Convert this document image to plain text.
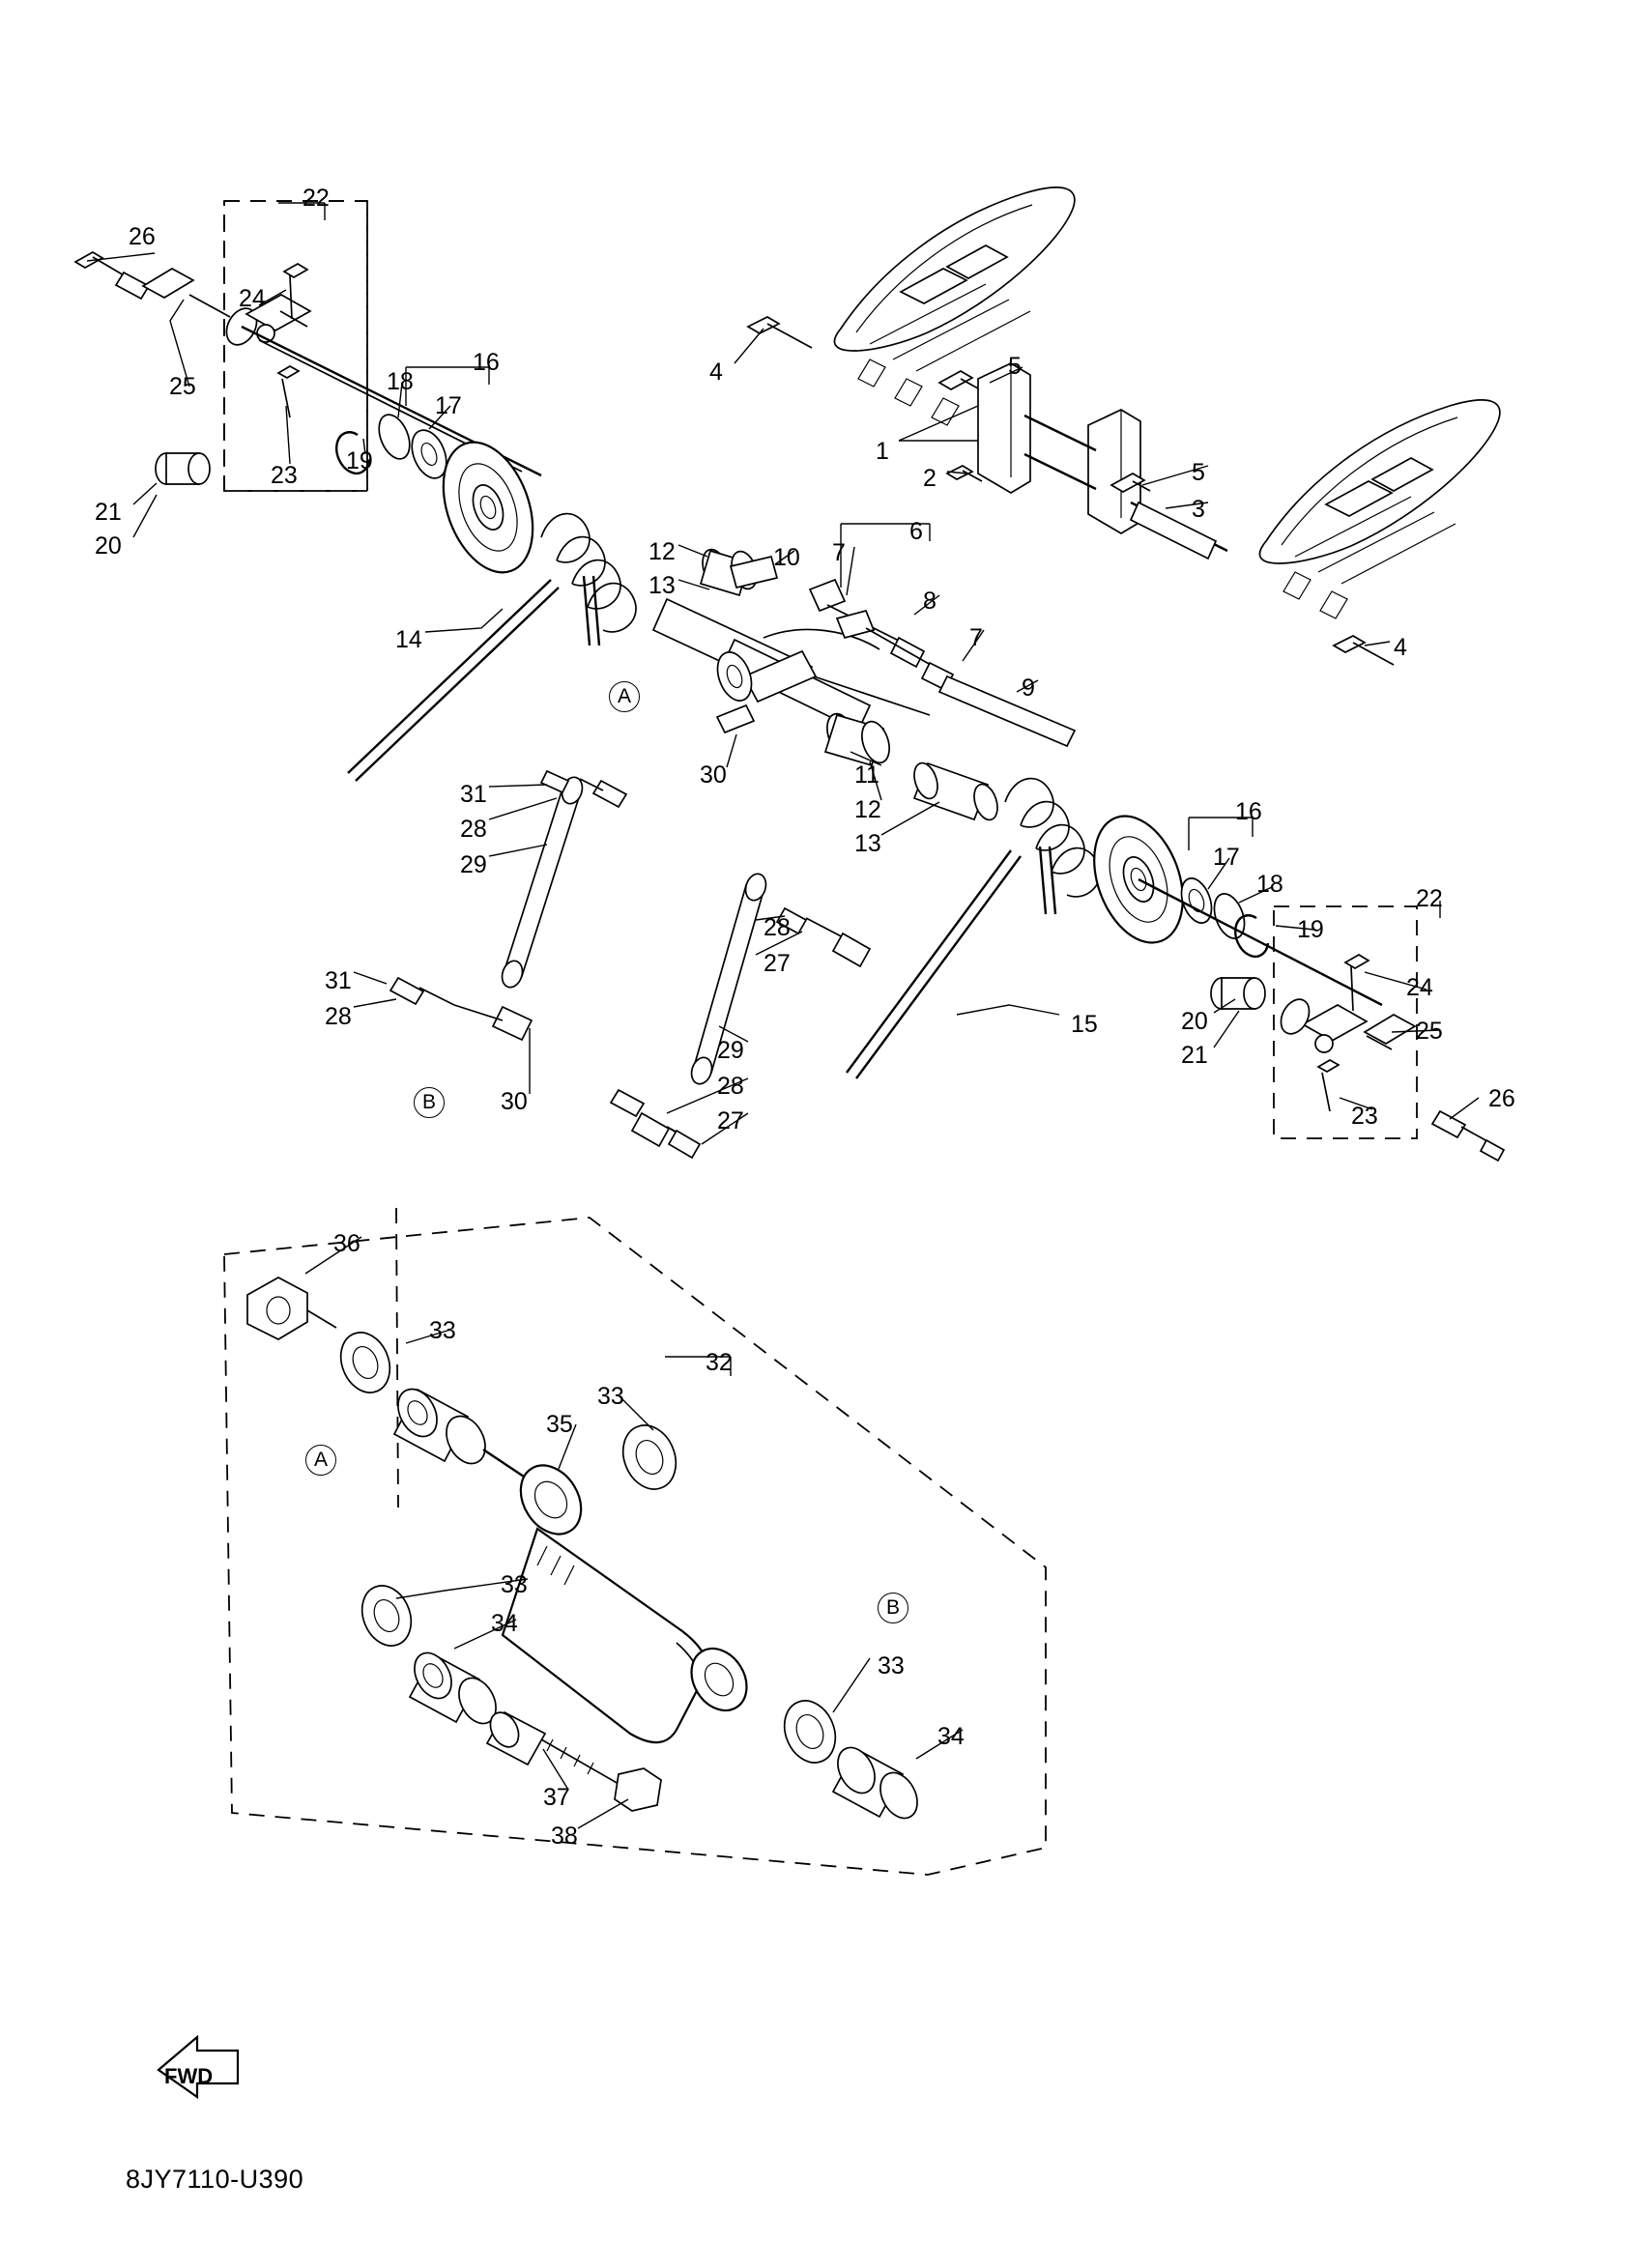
FWD
8JY7110-U390
26
22
24
25
16
18
17
23
19
21
20
4	5
1
2	5
3
4
6
7
8
7
9
12	10
13
14
11
12
13
30
31
28
29
31
28
30
28
27
29
28
27
15
16
17
18
19
22
24
25
20
21
23
26
36
33
32
35
33
33
34
33
34
37
38
A
B
A
B
